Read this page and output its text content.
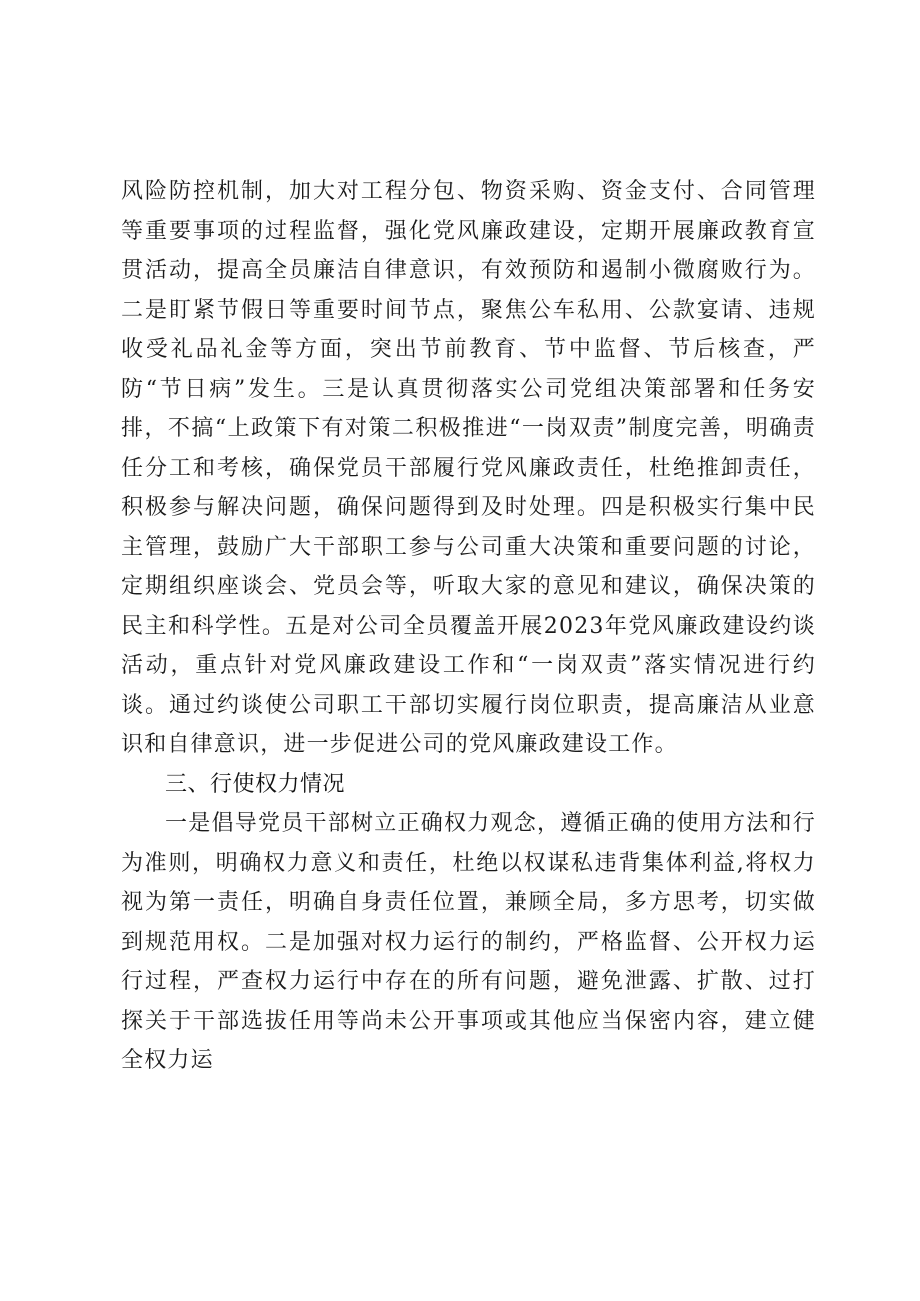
风险防控机制，加大对工程分包、物资采购、资金支付、合同管理等重要事项的过程监督，强化党风廉政建设，定期开展廉政教育宣贯活动，提高全员廉洁自律意识，有效预防和遏制小微腐败行为。二是盯紧节假日等重要时间节点，聚焦公车私用、公款宴请、违规收受礼品礼金等方面，突出节前教育、节中监督、节后核查，严防“节日病”发生。三是认真贯彻落实公司党组决策部署和任务安排，不搞“上政策下有对策二积极推进“一岗双责”制度完善，明确责任分工和考核，确保党员干部履行党风廉政责任，杜绝推卸责任，积极参与解决问题，确保问题得到及时处理。四是积极实行集中民主管理，鼓励广大干部职工参与公司重大决策和重要问题的讨论，定期组织座谈会、党员会等，听取大家的意见和建议，确保决策的民主和科学性。五是对公司全员覆盖开展2023年党风廉政建设约谈活动，重点针对党风廉政建设工作和“一岗双责”落实情况进行约谈。通过约谈使公司职工干部切实履行岗位职责，提高廉洁从业意识和自律意识，进一步促进公司的党风廉政建设工作。

三、行使权力情况

一是倡导党员干部树立正确权力观念，遵循正确的使用方法和行为准则，明确权力意义和责任，杜绝以权谋私违背集体利益,将权力视为第一责任，明确自身责任位置，兼顾全局，多方思考，切实做到规范用权。二是加强对权力运行的制约，严格监督、公开权力运行过程，严查权力运行中存在的所有问题，避免泄露、扩散、过打探关于干部选拔任用等尚未公开事项或其他应当保密内容，建立健全权力运
